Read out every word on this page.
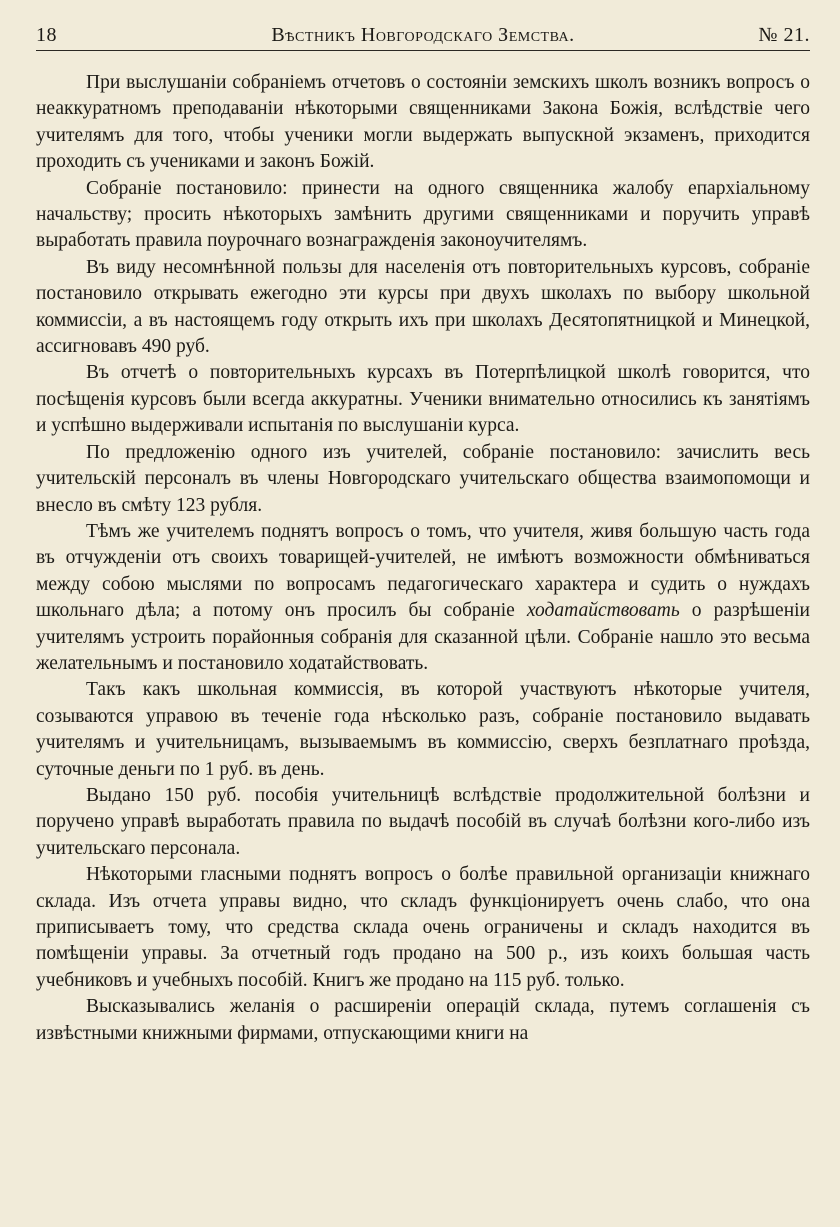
18	Вѣстникъ Новгородскаго Земства.	№ 21.

При выслушаніи собраніемъ отчетовъ о состояніи земскихъ школъ возникъ вопросъ о неаккуратномъ преподаваніи нѣкоторыми священниками Закона Божія, вслѣдствіе чего учителямъ для того, чтобы ученики могли выдержать выпускной экзаменъ, приходится проходить съ учениками и законъ Божій.

Собраніе постановило: принести на одного священника жалобу епархіальному начальству; просить нѣкоторыхъ замѣнить другими священниками и поручить управѣ выработать правила поурочнаго вознагражденія законоучителямъ.

Въ виду несомнѣнной пользы для населенія отъ повторительныхъ курсовъ, собраніе постановило открывать ежегодно эти курсы при двухъ школахъ по выбору школьной коммиссіи, а въ настоящемъ году открыть ихъ при школахъ Десятопятницкой и Минецкой, ассигновавъ 490 руб.

Въ отчетѣ о повторительныхъ курсахъ въ Потерпѣлицкой школѣ говорится, что посѣщенія курсовъ были всегда аккуратны. Ученики внимательно относились къ занятіямъ и успѣшно выдерживали испытанія по выслушаніи курса.

По предложенію одного изъ учителей, собраніе постановило: зачислить весь учительскій персоналъ въ члены Новгородскаго учительскаго общества взаимопомощи и внесло въ смѣту 123 рубля.

Тѣмъ же учителемъ поднятъ вопросъ о томъ, что учителя, живя большую часть года въ отчужденіи отъ своихъ товарищей-учителей, не имѣютъ возможности обмѣниваться между собою мыслями по вопросамъ педагогическаго характера и судить о нуждахъ школьнаго дѣла; а потому онъ просилъ бы собраніе ходатайствовать о разрѣшеніи учителямъ устроить порайонныя собранія для сказанной цѣли. Собраніе нашло это весьма желательнымъ и постановило ходатайствовать.

Такъ какъ школьная коммиссія, въ которой участвуютъ нѣкоторые учителя, созываются управою въ теченіе года нѣсколько разъ, собраніе постановило выдавать учителямъ и учительницамъ, вызываемымъ въ коммиссію, сверхъ безплатнаго проѣзда, суточные деньги по 1 руб. въ день.

Выдано 150 руб. пособія учительницѣ вслѣдствіе продолжительной болѣзни и поручено управѣ выработать правила по выдачѣ пособій въ случаѣ болѣзни кого-либо изъ учительскаго персонала.

Нѣкоторыми гласными поднятъ вопросъ о болѣе правильной организаціи книжнаго склада. Изъ отчета управы видно, что складъ функціонируетъ очень слабо, что она приписываетъ тому, что средства склада очень ограничены и складъ находится въ помѣщеніи управы. За отчетный годъ продано на 500 р., изъ коихъ большая часть учебниковъ и учебныхъ пособій. Книгъ же продано на 115 руб. только.

Высказывались желанія о расширеніи операцій склада, путемъ соглашенія съ извѣстными книжными фирмами, отпускающими книги на
